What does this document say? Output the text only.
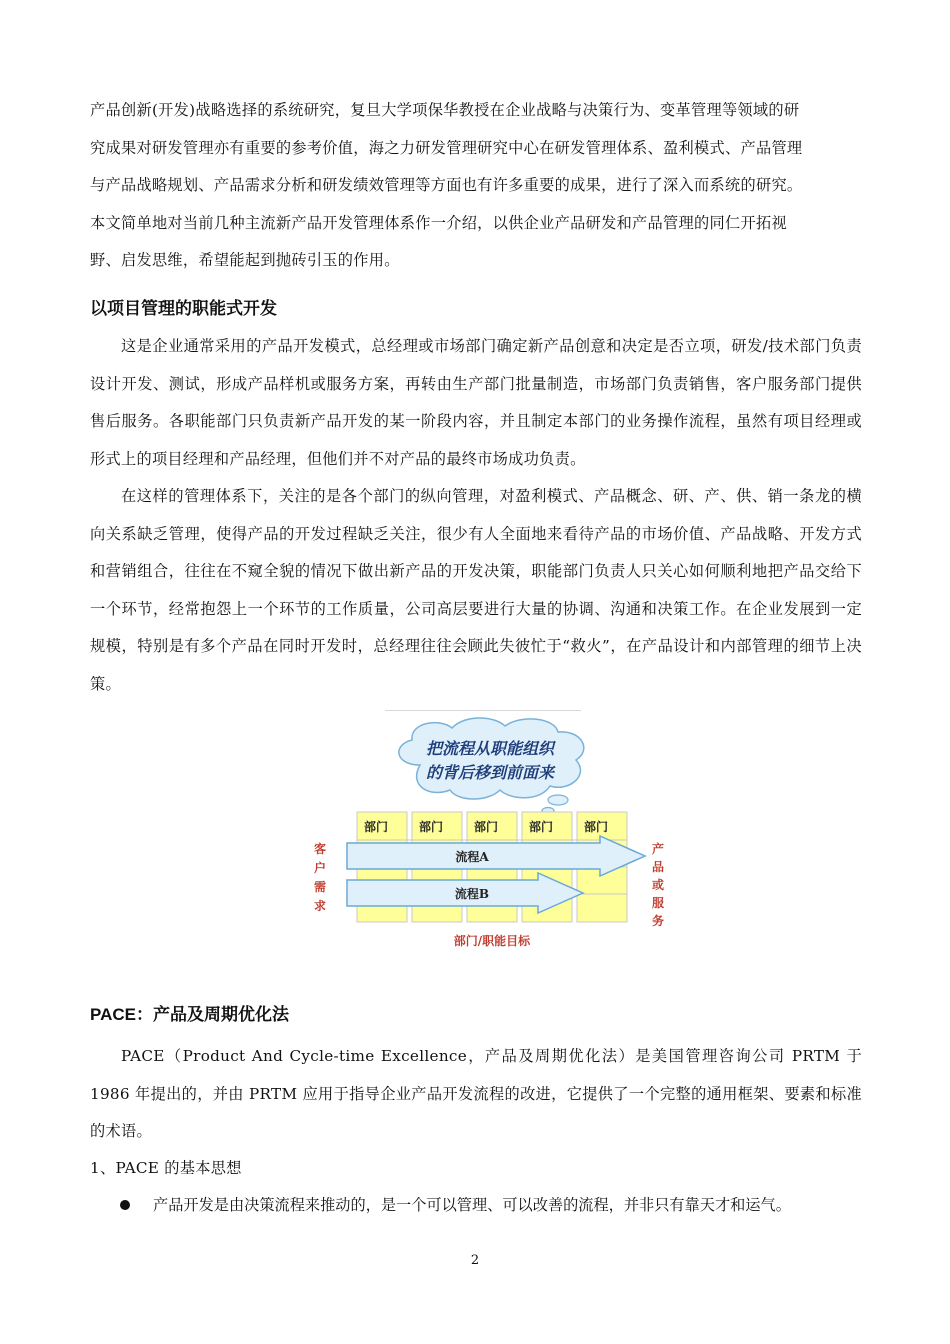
产品创新(开发)战略选择的系统研究，复旦大学项保华教授在企业战略与决策行为、变革管理等领域的研
究成果对研发管理亦有重要的参考价值，海之力研发管理研究中心在研发管理体系、盈利模式、产品管理
与产品战略规划、产品需求分析和研发绩效管理等方面也有许多重要的成果，进行了深入而系统的研究。
本文简单地对当前几种主流新产品开发管理体系作一介绍，以供企业产品研发和产品管理的同仁开拓视
野、启发思维，希望能起到抛砖引玉的作用。

以项目管理的职能式开发

这是企业通常采用的产品开发模式，总经理或市场部门确定新产品创意和决定是否立项，研发/技术部门负责设计开发、测试，形成产品样机或服务方案，再转由生产部门批量制造，市场部门负责销售，客户服务部门提供售后服务。各职能部门只负责新产品开发的某一阶段内容，并且制定本部门的业务操作流程，虽然有项目经理或形式上的项目经理和产品经理，但他们并不对产品的最终市场成功负责。

在这样的管理体系下，关注的是各个部门的纵向管理，对盈利模式、产品概念、研、产、供、销一条龙的横向关系缺乏管理，使得产品的开发过程缺乏关注，很少有人全面地来看待产品的市场价值、产品战略、开发方式和营销组合，往往在不窥全貌的情况下做出新产品的开发决策，职能部门负责人只关心如何顺利地把产品交给下一个环节，经常抱怨上一个环节的工作质量，公司高层要进行大量的协调、沟通和决策工作。在企业发展到一定规模，特别是有多个产品在同时开发时，总经理往往会顾此失彼忙于“救火”，在产品设计和内部管理的细节上决策。

把流程从职能组织
的背后移到前面来
部门	部门	部门	部门	部门
流程A
流程B
客
户
需
求
产
品
或
服
务
部门/职能目标
PACE：产品及周期优化法

PACE（Product And Cycle-time Excellence，产品及周期优化法）是美国管理咨询公司 PRTM 于 1986 年提出的，并由 PRTM 应用于指导企业产品开发流程的改进，它提供了一个完整的通用框架、要素和标准的术语。

1、PACE 的基本思想

产品开发是由决策流程来推动的，是一个可以管理、可以改善的流程，并非只有靠天才和运气。
2
